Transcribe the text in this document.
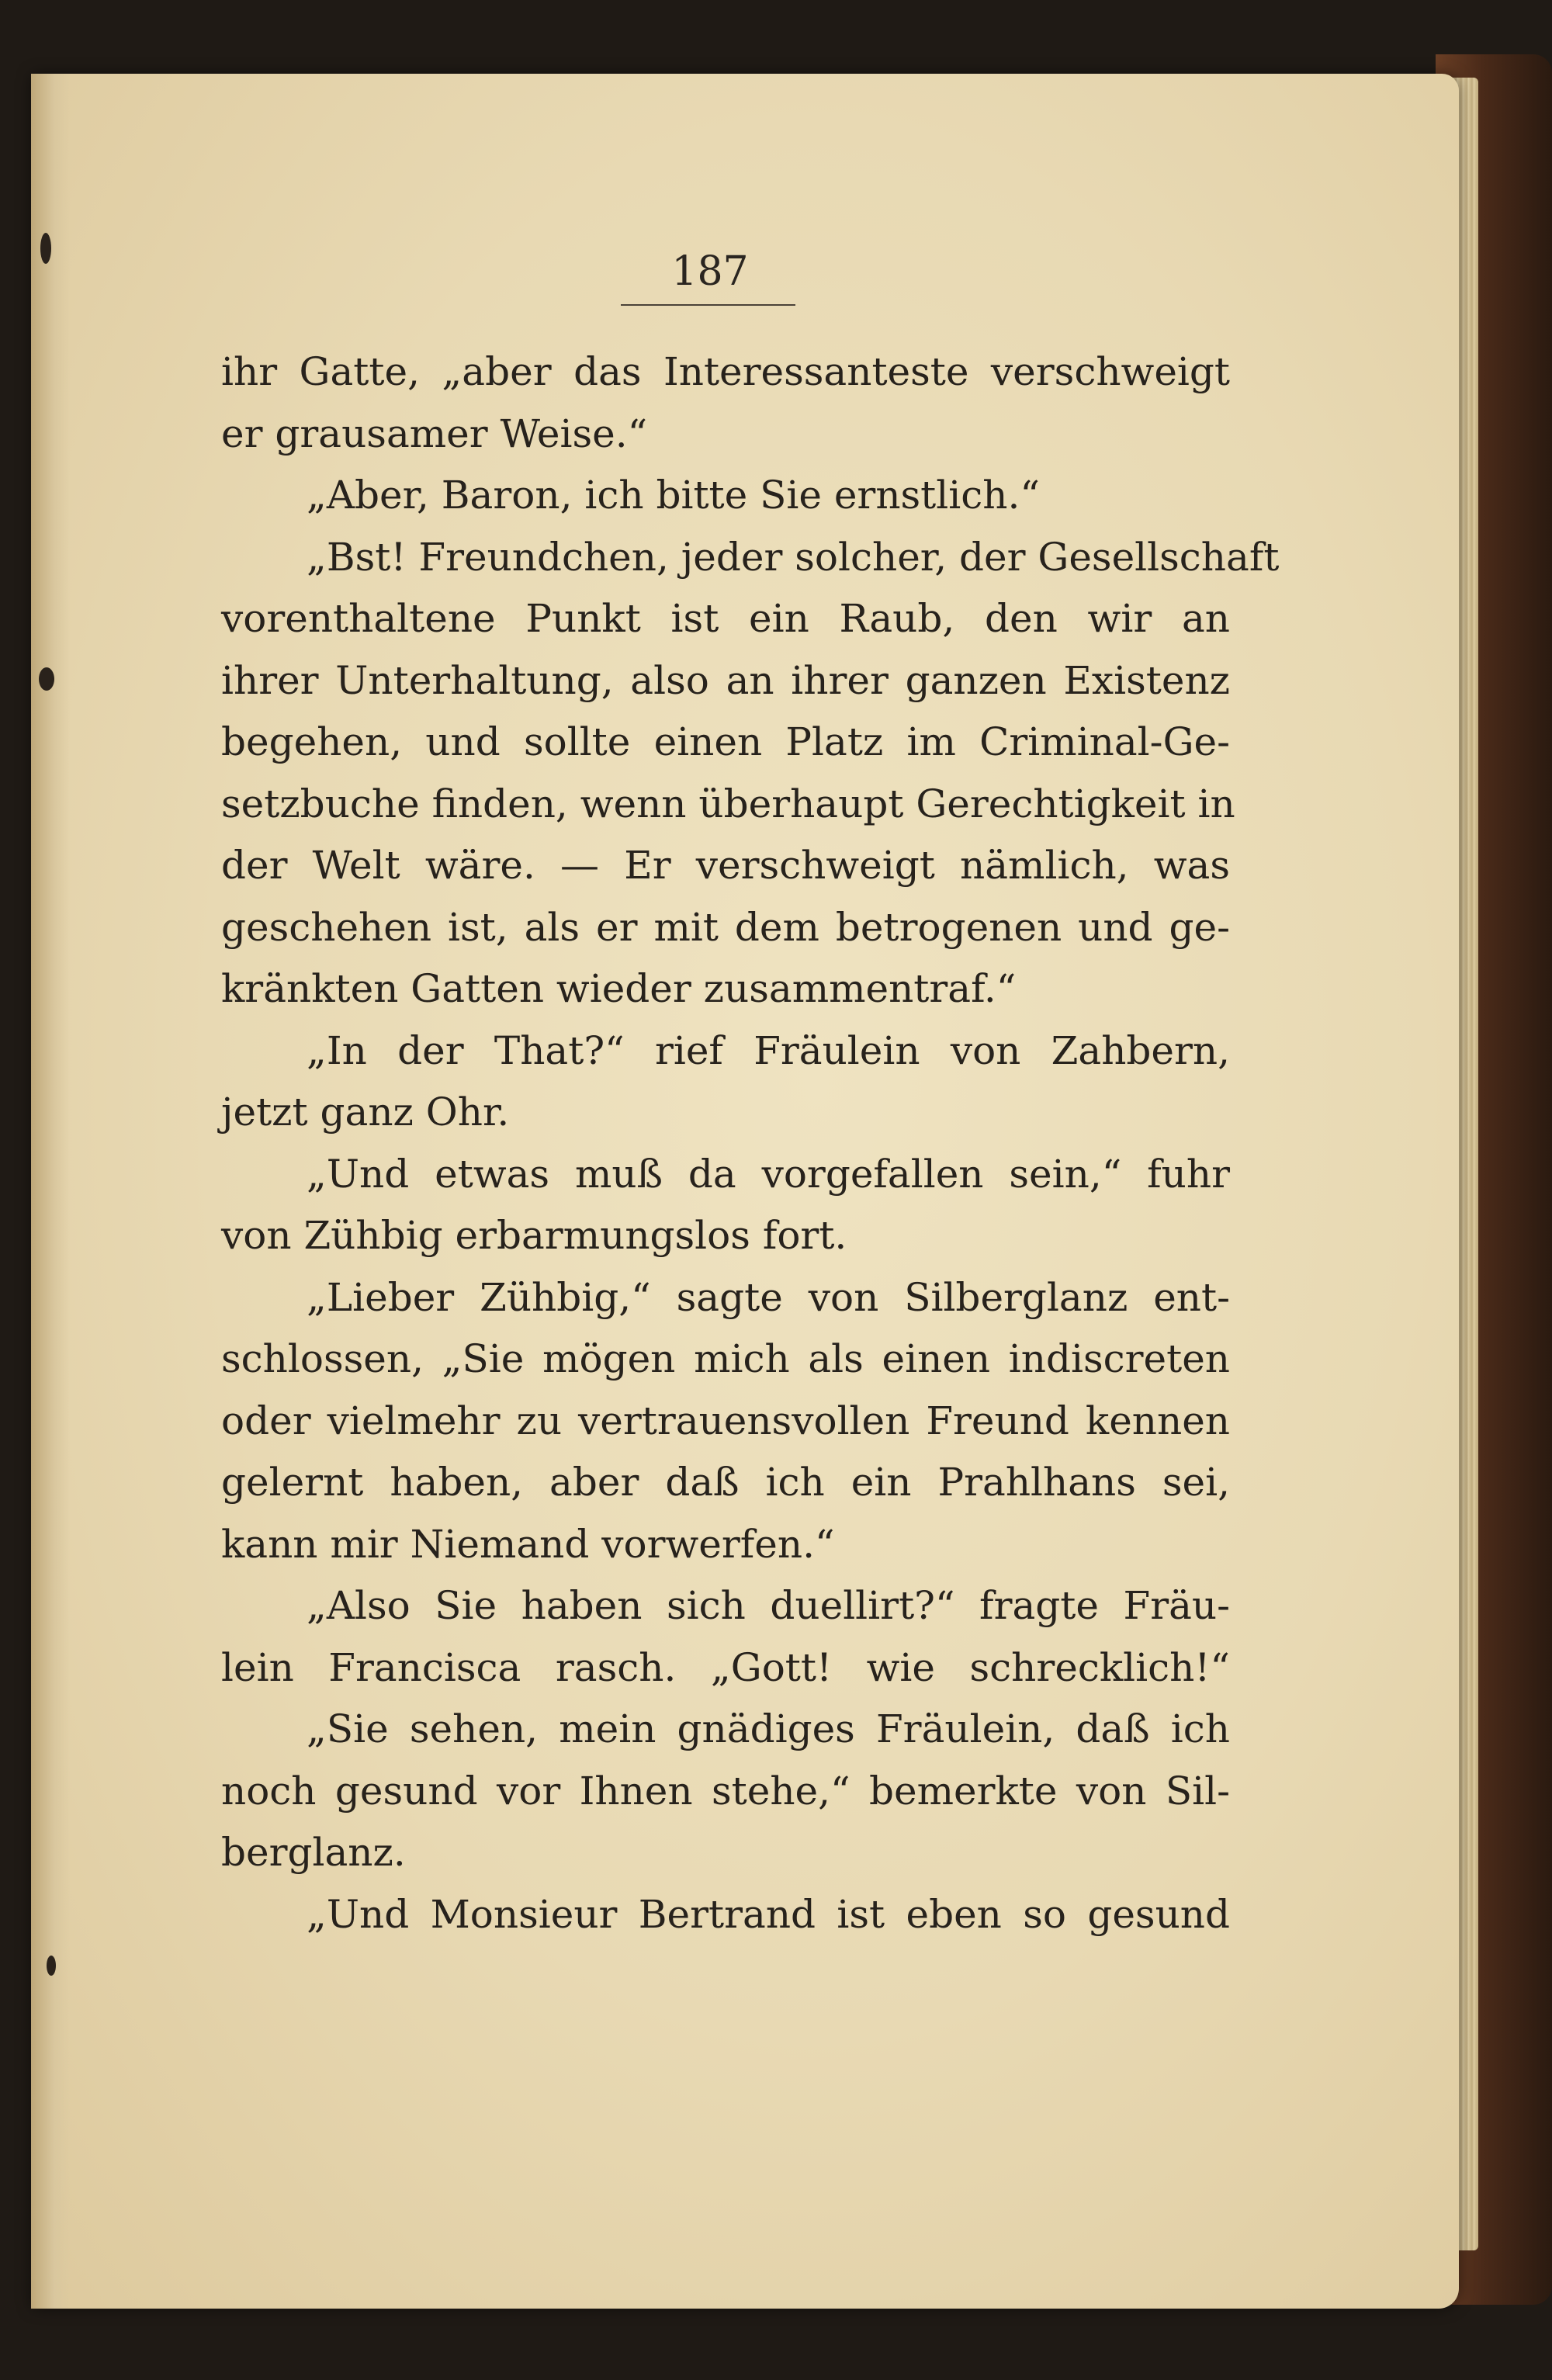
187
ihr Gatte, „aber das Interessanteste verschweigt
er grausamer Weise.“
„Aber, Baron, ich bitte Sie ernstlich.“
„Bst! Freundchen, jeder solcher, der Gesellschaft
vorenthaltene Punkt ist ein Raub, den wir an
ihrer Unterhaltung, also an ihrer ganzen Existenz
begehen, und sollte einen Platz im Criminal-Ge-
setzbuche finden, wenn überhaupt Gerechtigkeit in
der Welt wäre. — Er verschweigt nämlich, was
geschehen ist, als er mit dem betrogenen und ge-
kränkten Gatten wieder zusammentraf.“
„In der That?“ rief Fräulein von Zahbern,
jetzt ganz Ohr.
„Und etwas muß da vorgefallen sein,“ fuhr
von Zühbig erbarmungslos fort.
„Lieber Zühbig,“ sagte von Silberglanz ent-
schlossen, „Sie mögen mich als einen indiscreten
oder vielmehr zu vertrauensvollen Freund kennen
gelernt haben, aber daß ich ein Prahlhans sei,
kann mir Niemand vorwerfen.“
„Also Sie haben sich duellirt?“ fragte Fräu-
lein Francisca rasch. „Gott! wie schrecklich!“
„Sie sehen, mein gnädiges Fräulein, daß ich
noch gesund vor Ihnen stehe,“ bemerkte von Sil-
berglanz.
„Und Monsieur Bertrand ist eben so gesund
